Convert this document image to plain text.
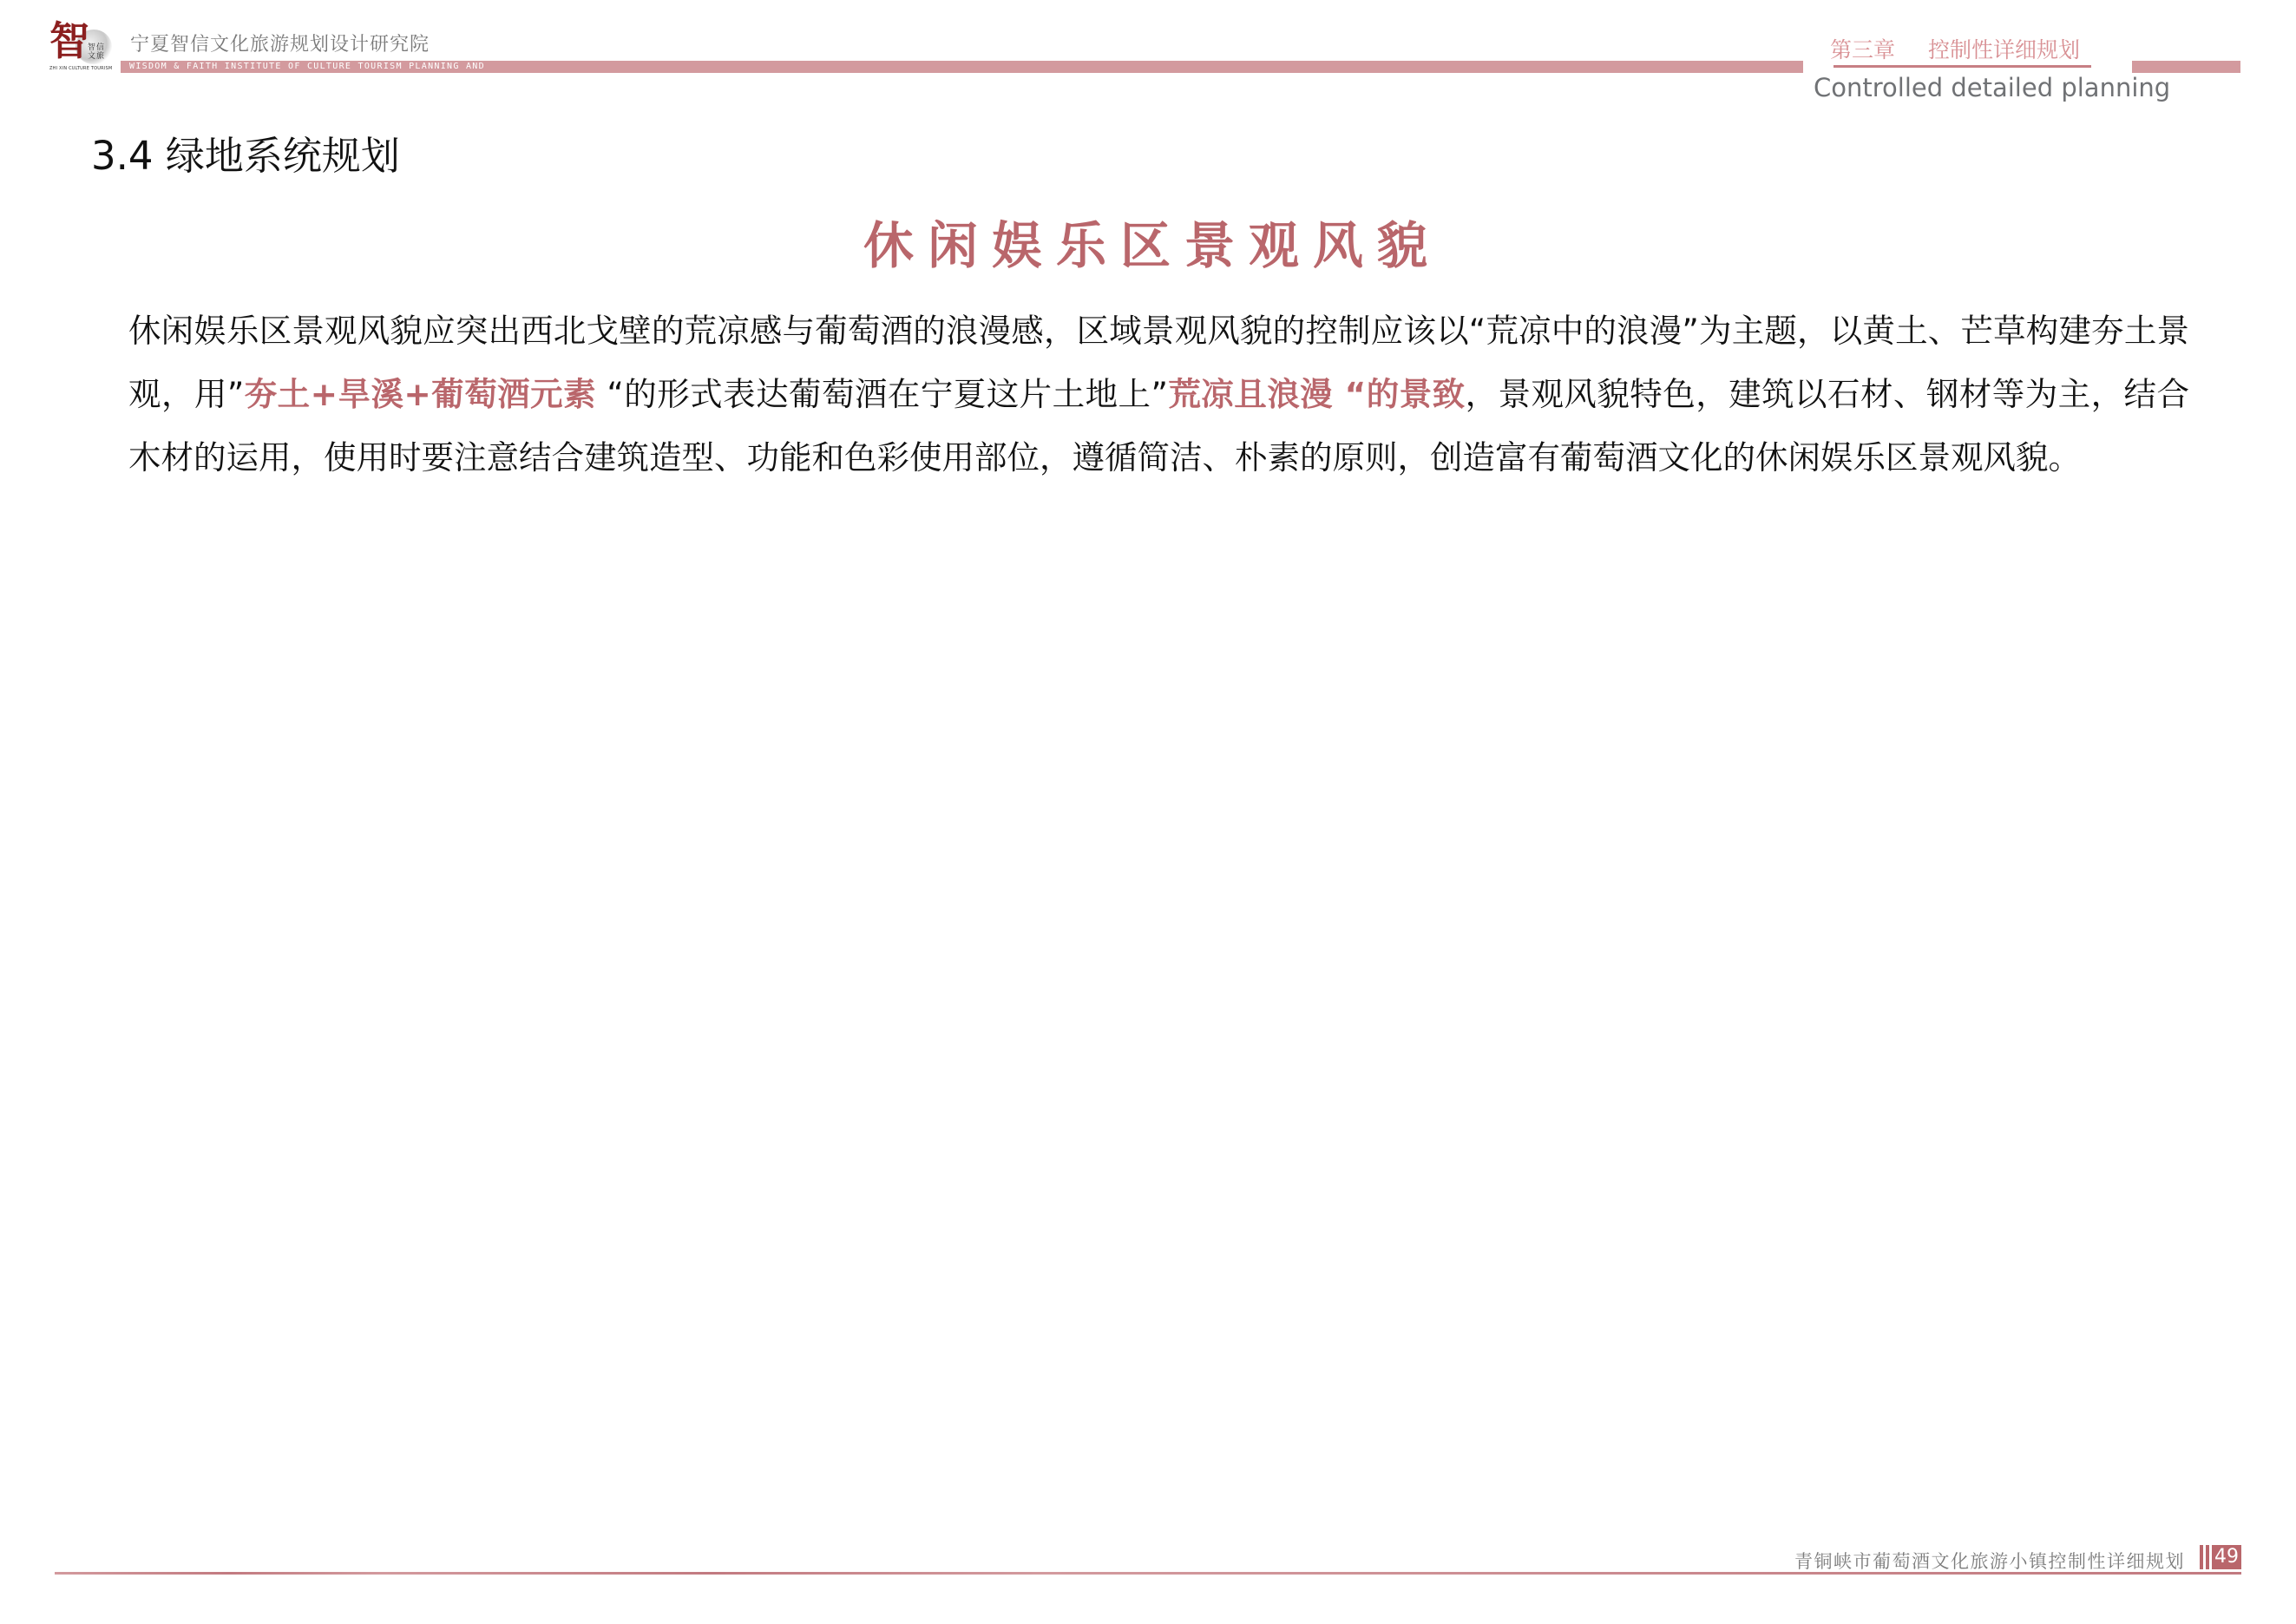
智
智信文旅
ZHI XIN CULTURE TOURISM
宁夏智信文化旅游规划设计研究院
WISDOM & FAITH INSTITUTE OF CULTURE TOURISM PLANNING AND
第三章 控制性详细规划
Controlled detailed planning
3.4 绿地系统规划
休闲娱乐区景观风貌
休闲娱乐区景观风貌应突出西北戈壁的荒凉感与葡萄酒的浪漫感，区域景观风貌的控制应该以“荒凉中的浪漫”为主题，以黄土、芒草构建夯土景观，用”夯土+旱溪+葡萄酒元素 “的形式表达葡萄酒在宁夏这片土地上”荒凉且浪漫 “的景致，景观风貌特色，建筑以石材、钢材等为主，结合木材的运用，使用时要注意结合建筑造型、功能和色彩使用部位，遵循简洁、朴素的原则，创造富有葡萄酒文化的休闲娱乐区景观风貌。
青铜峡市葡萄酒文化旅游小镇控制性详细规划 49
